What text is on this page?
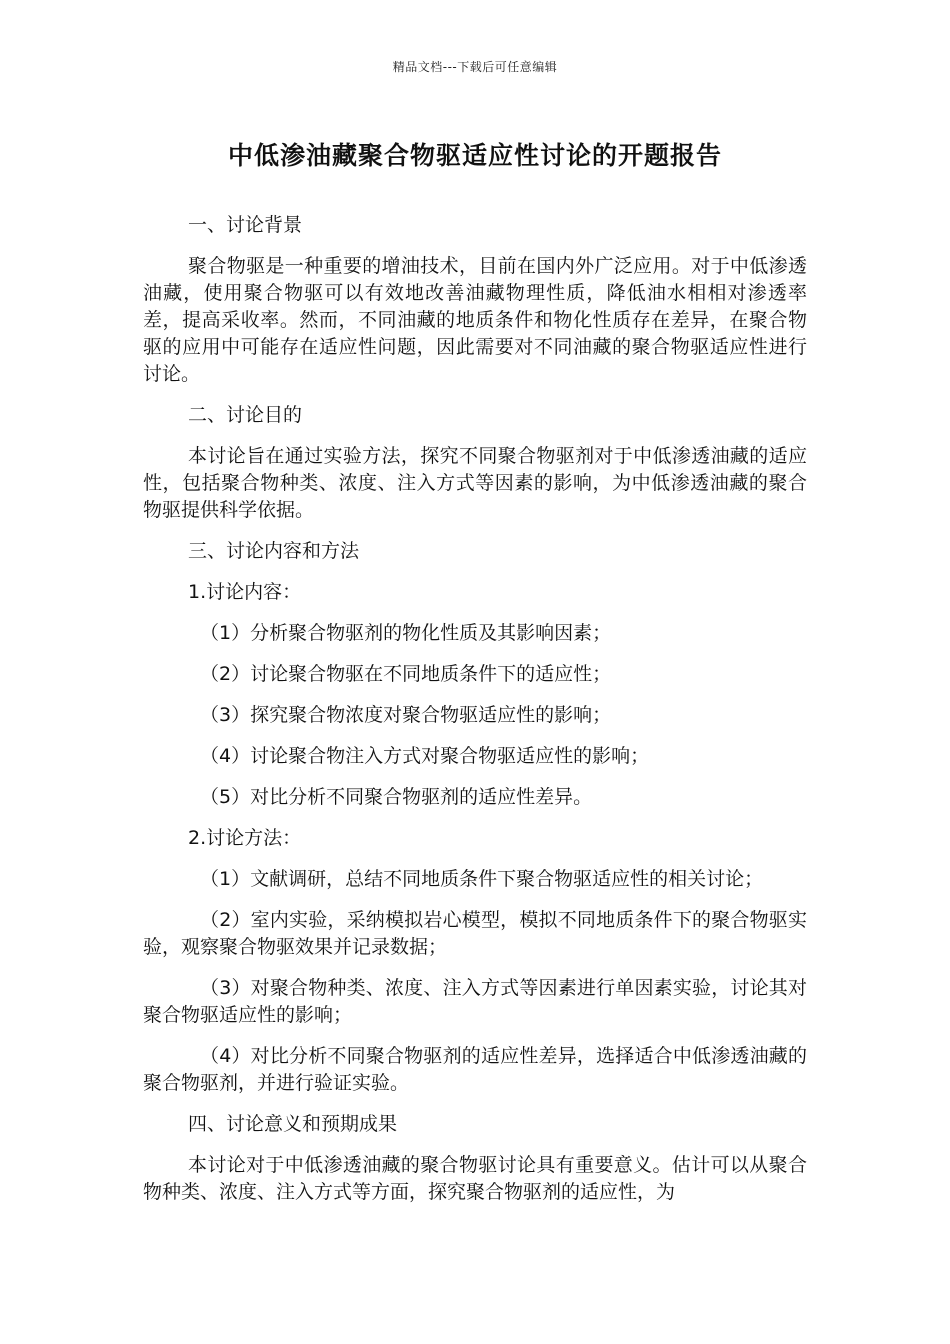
精品文档---下载后可任意编辑
中低渗油藏聚合物驱适应性讨论的开题报告

一、讨论背景

聚合物驱是一种重要的增油技术，目前在国内外广泛应用。对于中低渗透油藏，使用聚合物驱可以有效地改善油藏物理性质，降低油水相相对渗透率差，提高采收率。然而，不同油藏的地质条件和物化性质存在差异，在聚合物驱的应用中可能存在适应性问题，因此需要对不同油藏的聚合物驱适应性进行讨论。

二、讨论目的

本讨论旨在通过实验方法，探究不同聚合物驱剂对于中低渗透油藏的适应性，包括聚合物种类、浓度、注入方式等因素的影响，为中低渗透油藏的聚合物驱提供科学依据。

三、讨论内容和方法

1.讨论内容：

（1）分析聚合物驱剂的物化性质及其影响因素；

（2）讨论聚合物驱在不同地质条件下的适应性；

（3）探究聚合物浓度对聚合物驱适应性的影响；

（4）讨论聚合物注入方式对聚合物驱适应性的影响；

（5）对比分析不同聚合物驱剂的适应性差异。

2.讨论方法：

（1）文献调研，总结不同地质条件下聚合物驱适应性的相关讨论；

（2）室内实验，采纳模拟岩心模型，模拟不同地质条件下的聚合物驱实验，观察聚合物驱效果并记录数据；

（3）对聚合物种类、浓度、注入方式等因素进行单因素实验，讨论其对聚合物驱适应性的影响；

（4）对比分析不同聚合物驱剂的适应性差异，选择适合中低渗透油藏的聚合物驱剂，并进行验证实验。

四、讨论意义和预期成果

本讨论对于中低渗透油藏的聚合物驱讨论具有重要意义。估计可以从聚合物种类、浓度、注入方式等方面，探究聚合物驱剂的适应性，为
